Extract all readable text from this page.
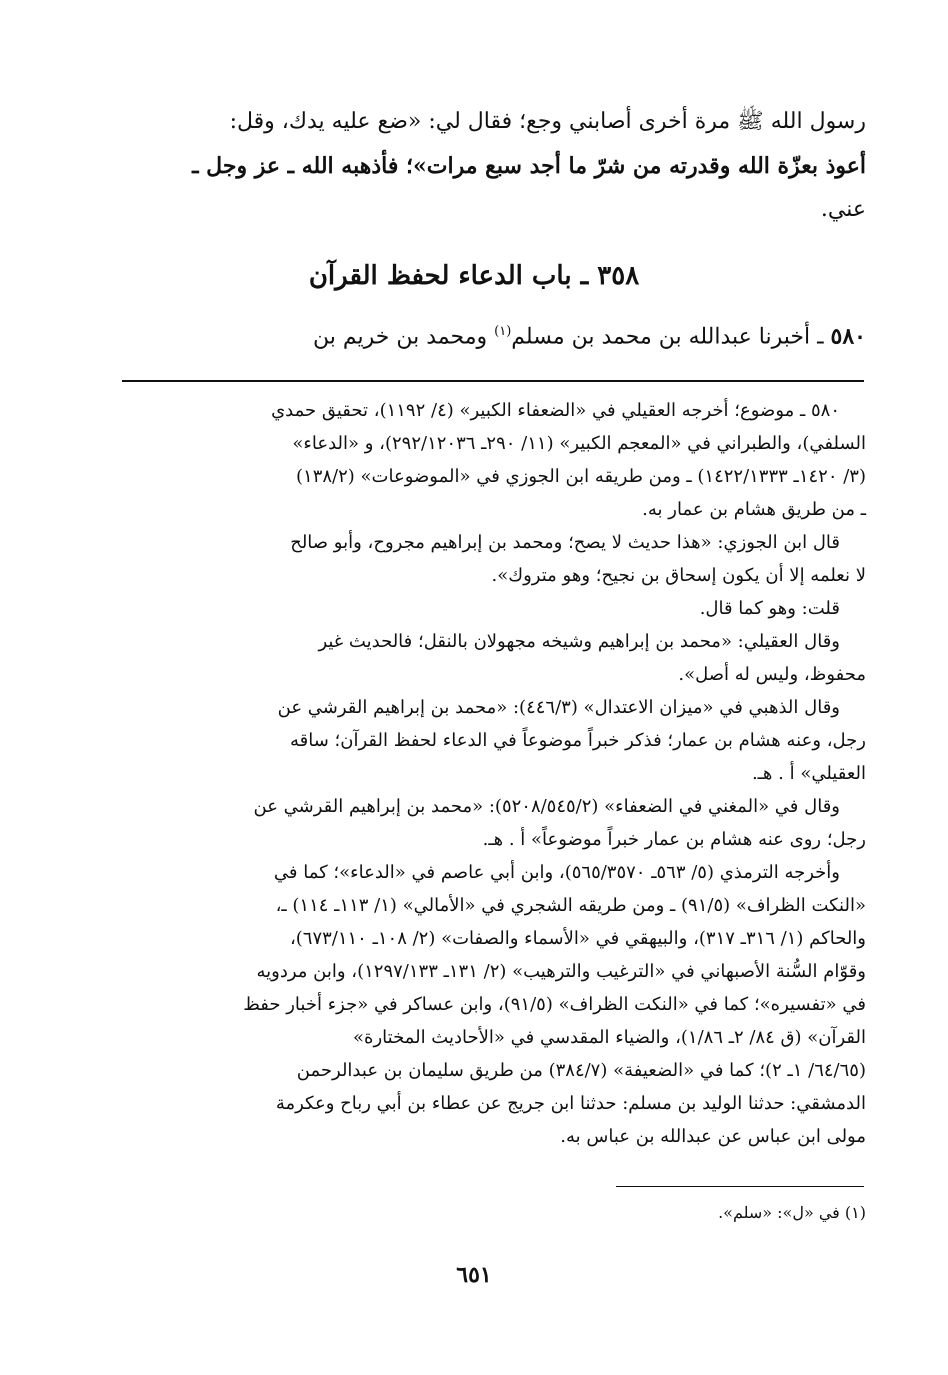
رسول الله ﷺ مرة أخرى أصابني وجع؛ فقال لي: «ضع عليه يدك، وقل:
أعوذ بعزّة الله وقدرته من شرّ ما أجد سبع مرات»؛ فأذهبه الله ـ عز وجل ـ
عني.
٣٥٨ ـ باب الدعاء لحفظ القرآن
٥٨٠ ـ أخبرنا عبدالله بن محمد بن مسلم$^{(١)}$ ومحمد بن خريم بن

٥٨٠ ـ موضوع؛ أخرجه العقيلي في «الضعفاء الكبير» (٤/ ١١٩٢)، تحقيق حمدي
السلفي)، والطبراني في «المعجم الكبير» (١١/ ٢٩٠ـ ٢٩٢/١٢٠٣٦)، و «الدعاء»
(٣/ ١٤٢٠ـ ١٤٢٢/١٣٣٣) ـ ومن طريقه ابن الجوزي في «الموضوعات» (١٣٨/٢)
ـ من طريق هشام بن عمار به.

قال ابن الجوزي: «هذا حديث لا يصح؛ ومحمد بن إبراهيم مجروح، وأبو صالح
لا نعلمه إلا أن يكون إسحاق بن نجيح؛ وهو متروك».

قلت: وهو كما قال.

وقال العقيلي: «محمد بن إبراهيم وشيخه مجهولان بالنقل؛ فالحديث غير
محفوظ، وليس له أصل».

وقال الذهبي في «ميزان الاعتدال» (٤٤٦/٣): «محمد بن إبراهيم القرشي عن
رجل، وعنه هشام بن عمار؛ فذكر خبراً موضوعاً في الدعاء لحفظ القرآن؛ ساقه
العقيلي» أ . هـ.

وقال في «المغني في الضعفاء» (٥٢٠٨/٥٤٥/٢): «محمد بن إبراهيم القرشي عن
رجل؛ روى عنه هشام بن عمار خبراً موضوعاً» أ . هـ.

وأخرجه الترمذي (٥/ ٥٦٣ـ ٥٦٥/٣٥٧٠)، وابن أبي عاصم في «الدعاء»؛ كما في
«النكت الظراف» (٩١/٥) ـ ومن طريقه الشجري في «الأمالي» (١/ ١١٣ـ ١١٤) ـ،
والحاكم (١/ ٣١٦ـ ٣١٧)، والبيهقي في «الأسماء والصفات» (٢/ ١٠٨ـ ٦٧٣/١١٠)،
وقوّام السُّنة الأصبهاني في «الترغيب والترهيب» (٢/ ١٣١ـ ١٢٩٧/١٣٣)، وابن مردويه
في «تفسيره»؛ كما في «النكت الظراف» (٩١/٥)، وابن عساكر في «جزء أخبار حفظ
القرآن» (ق ٨٤/ ٢ـ ١/٨٦)، والضياء المقدسي في «الأحاديث المختارة»
(٦٤/٦٥/ ١ـ ٢)؛ كما في «الضعيفة» (٣٨٤/٧) من طريق سليمان بن عبدالرحمن
الدمشقي: حدثنا الوليد بن مسلم: حدثنا ابن جريج عن عطاء بن أبي رباح وعكرمة
مولى ابن عباس عن عبدالله بن عباس به.

(١) في «ل»: «سلم».
٦٥١
